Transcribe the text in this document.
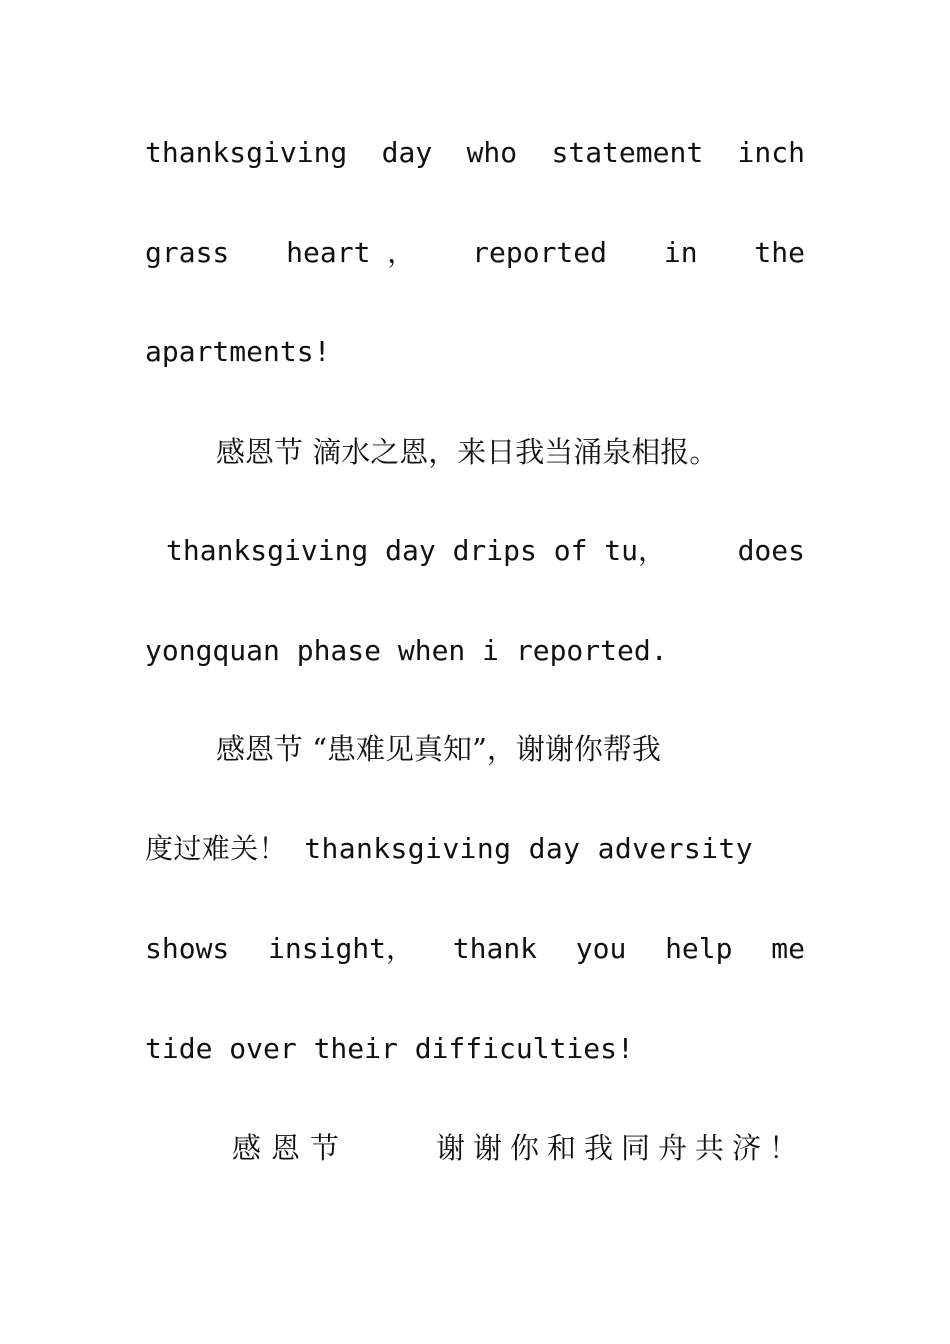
thanksgiving day who statement inch
grass heart ， reported in the
apartments!
感恩节 滴水之恩，来日我当涌泉相报。
thanksgiving day drips of tu，	does
yongquan phase when i reported.
感恩节 “患难见真知”，谢谢你帮我
度过难关！ thanksgiving day adversity
shows insight， thank you help me
tide over their difficulties!
感恩节	谢谢你和我同舟共济！
